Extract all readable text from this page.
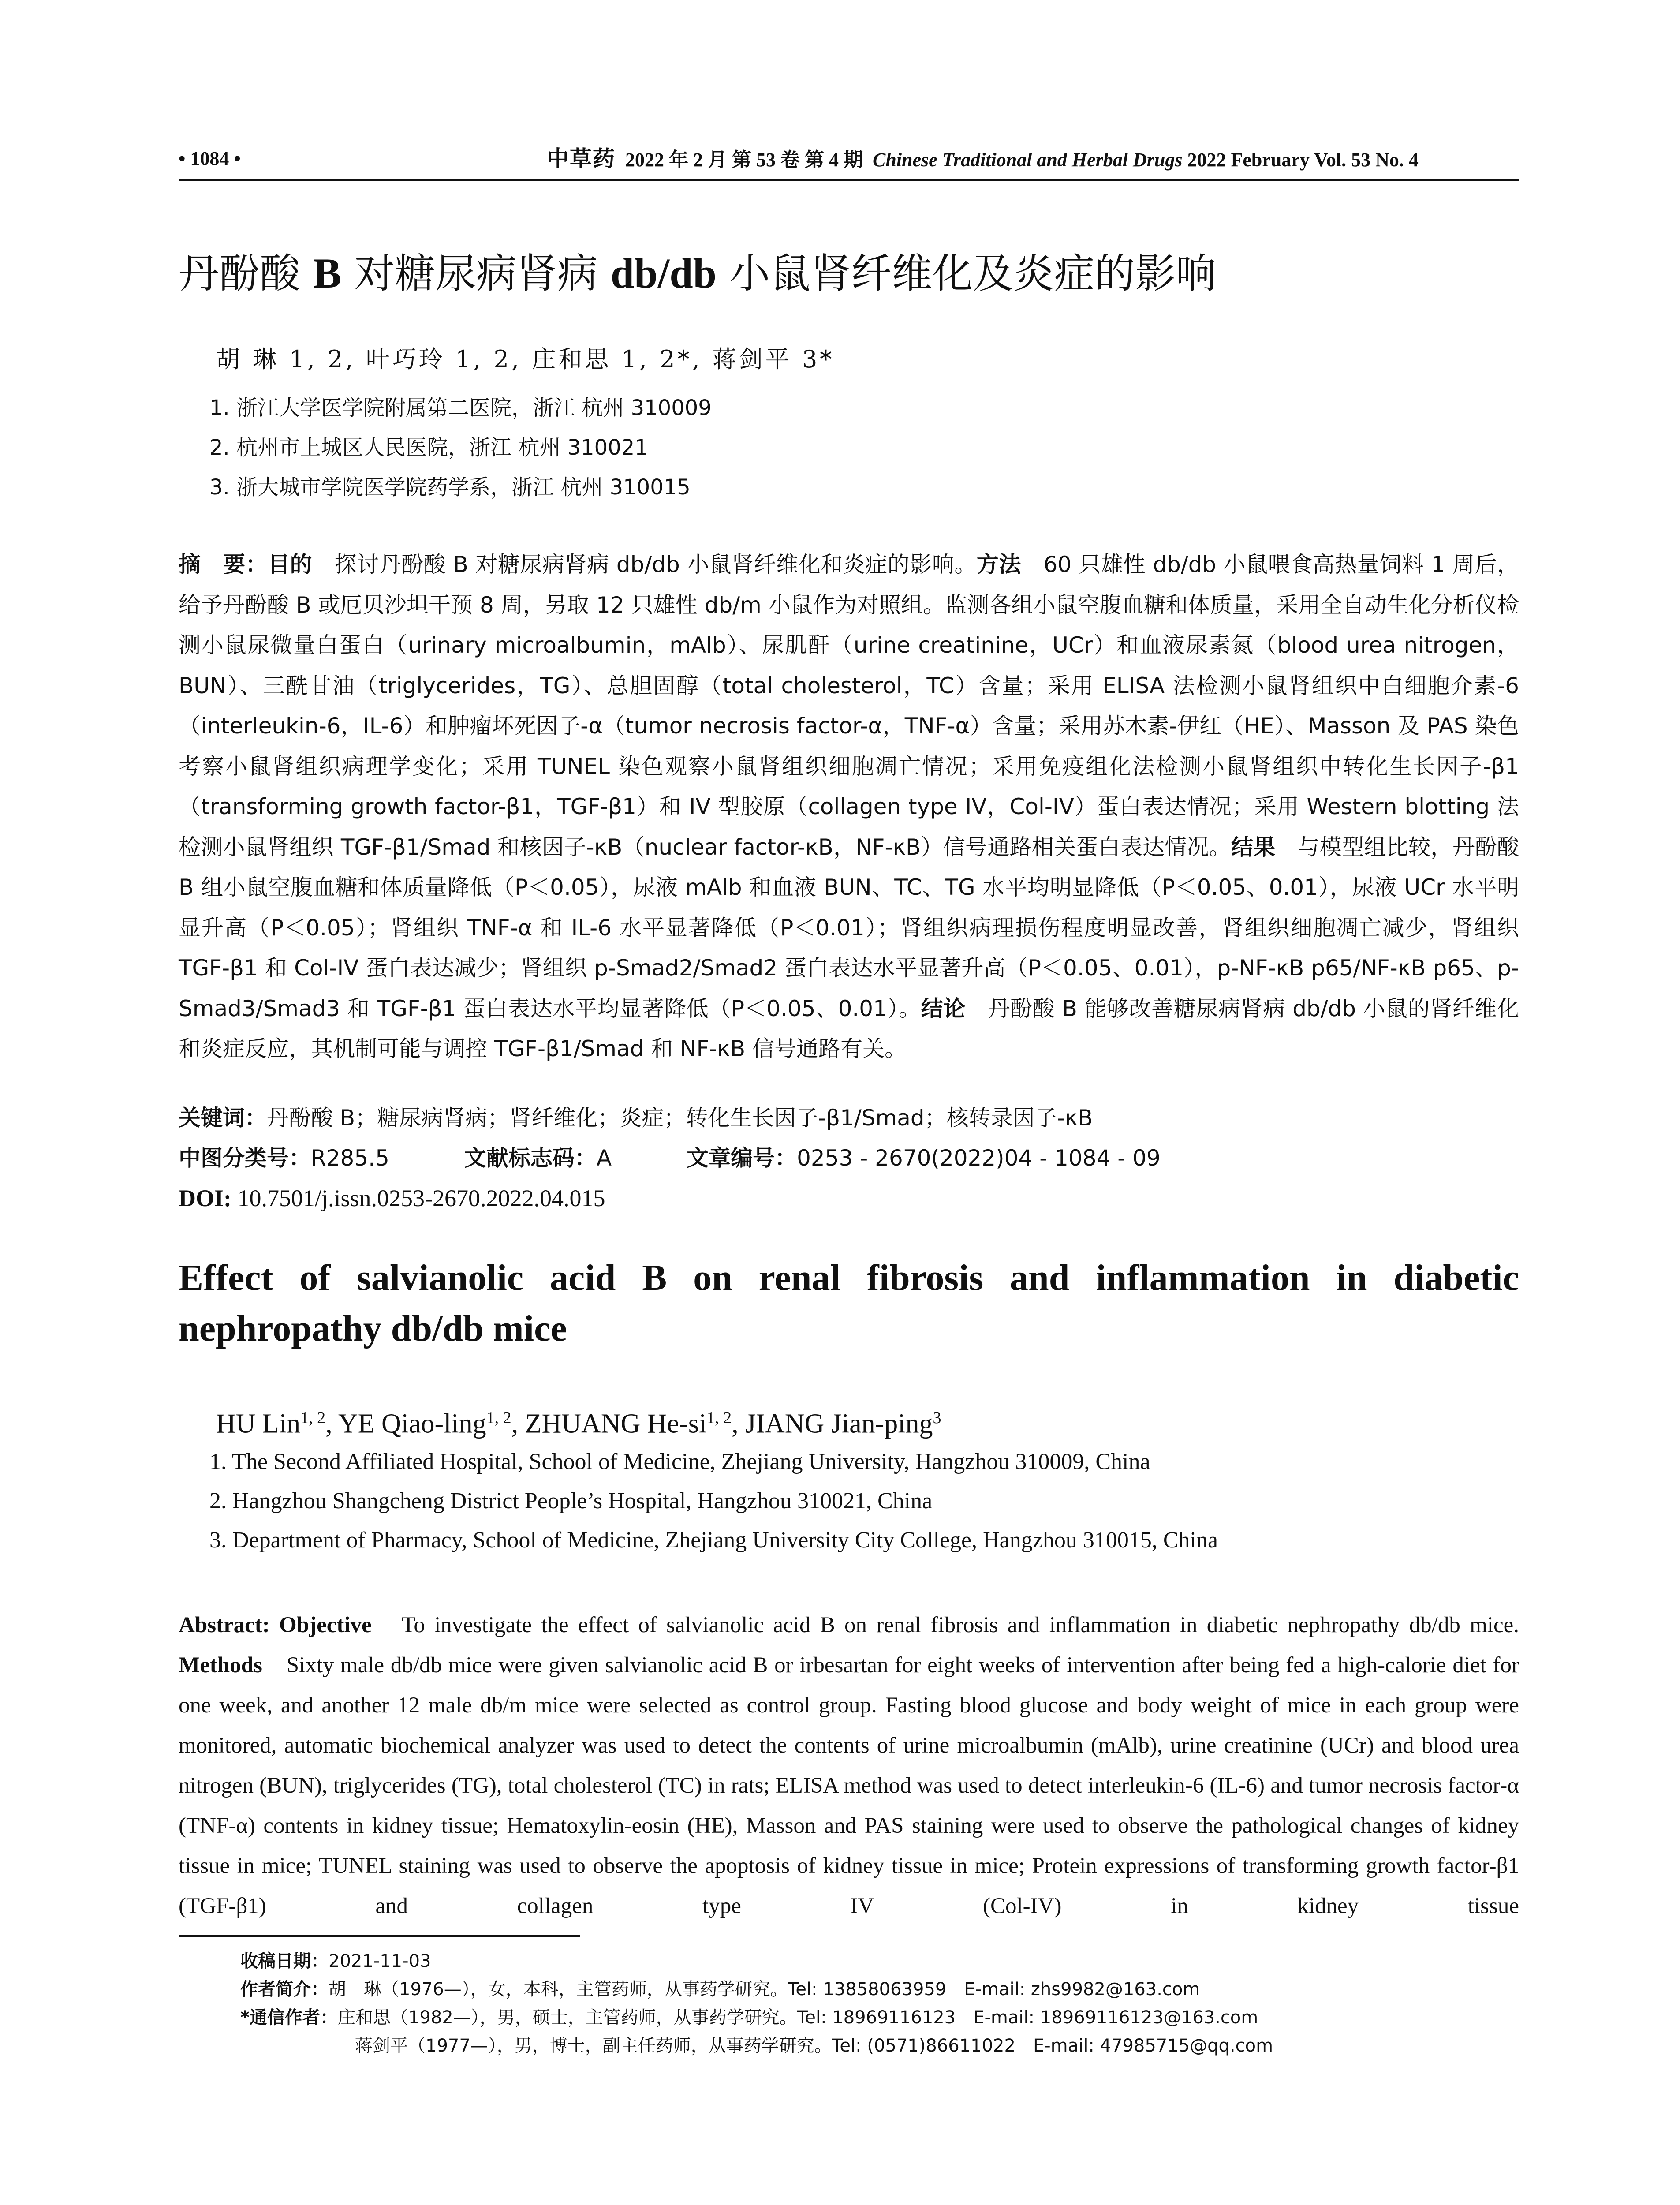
• 1084 •	中草药 2022 年 2 月 第 53 卷 第 4 期 Chinese Traditional and Herbal Drugs 2022 February Vol. 53 No. 4
丹酚酸 B 对糖尿病肾病 db/db 小鼠肾纤维化及炎症的影响
胡 琳 1, 2, 叶巧玲 1, 2, 庄和思 1, 2*, 蒋剑平 3*
1. 浙江大学医学院附属第二医院，浙江 杭州 310009
2. 杭州市上城区人民医院，浙江 杭州 310021
3. 浙大城市学院医学院药学系，浙江 杭州 310015
摘　要：目的　探讨丹酚酸 B 对糖尿病肾病 db/db 小鼠肾纤维化和炎症的影响。方法　60 只雄性 db/db 小鼠喂食高热量饲料 1 周后，给予丹酚酸 B 或厄贝沙坦干预 8 周，另取 12 只雄性 db/m 小鼠作为对照组。监测各组小鼠空腹血糖和体质量，采用全自动生化分析仪检测小鼠尿微量白蛋白（urinary microalbumin，mAlb）、尿肌酐（urine creatinine，UCr）和血液尿素氮（blood urea nitrogen，BUN）、三酰甘油（triglycerides，TG）、总胆固醇（total cholesterol，TC）含量；采用 ELISA 法检测小鼠肾组织中白细胞介素-6（interleukin-6，IL-6）和肿瘤坏死因子-α（tumor necrosis factor-α，TNF-α）含量；采用苏木素-伊红（HE）、Masson 及 PAS 染色考察小鼠肾组织病理学变化；采用 TUNEL 染色观察小鼠肾组织细胞凋亡情况；采用免疫组化法检测小鼠肾组织中转化生长因子-β1（transforming growth factor-β1，TGF-β1）和 IV 型胶原（collagen type IV，Col-IV）蛋白表达情况；采用 Western blotting 法检测小鼠肾组织 TGF-β1/Smad 和核因子-κB（nuclear factor-κB，NF-κB）信号通路相关蛋白表达情况。结果　与模型组比较，丹酚酸 B 组小鼠空腹血糖和体质量降低（P＜0.05），尿液 mAlb 和血液 BUN、TC、TG 水平均明显降低（P＜0.05、0.01），尿液 UCr 水平明显升高（P＜0.05）；肾组织 TNF-α 和 IL-6 水平显著降低（P＜0.01）；肾组织病理损伤程度明显改善，肾组织细胞凋亡减少，肾组织 TGF-β1 和 Col-IV 蛋白表达减少；肾组织 p-Smad2/Smad2 蛋白表达水平显著升高（P＜0.05、0.01），p-NF-κB p65/NF-κB p65、p-Smad3/Smad3 和 TGF-β1 蛋白表达水平均显著降低（P＜0.05、0.01）。结论　丹酚酸 B 能够改善糖尿病肾病 db/db 小鼠的肾纤维化和炎症反应，其机制可能与调控 TGF-β1/Smad 和 NF-κB 信号通路有关。
关键词：丹酚酸 B；糖尿病肾病；肾纤维化；炎症；转化生长因子-β1/Smad；核转录因子-κB
中图分类号：R285.5	文献标志码：A	文章编号：0253 - 2670(2022)04 - 1084 - 09
DOI: 10.7501/j.issn.0253-2670.2022.04.015
Effect of salvianolic acid B on renal fibrosis and inflammation in diabetic nephropathy db/db mice
HU Lin$^{1, 2}$, YE Qiao-ling$^{1, 2}$, ZHUANG He-si$^{1, 2}$, JIANG Jian-ping$^3$
1. The Second Affiliated Hospital, School of Medicine, Zhejiang University, Hangzhou 310009, China
2. Hangzhou Shangcheng District People’s Hospital, Hangzhou 310021, China
3. Department of Pharmacy, School of Medicine, Zhejiang University City College, Hangzhou 310015, China
Abstract: Objective　To investigate the effect of salvianolic acid B on renal fibrosis and inflammation in diabetic nephropathy db/db mice. Methods　Sixty male db/db mice were given salvianolic acid B or irbesartan for eight weeks of intervention after being fed a high-calorie diet for one week, and another 12 male db/m mice were selected as control group. Fasting blood glucose and body weight of mice in each group were monitored, automatic biochemical analyzer was used to detect the contents of urine microalbumin (mAlb), urine creatinine (UCr) and blood urea nitrogen (BUN), triglycerides (TG), total cholesterol (TC) in rats; ELISA method was used to detect interleukin-6 (IL-6) and tumor necrosis factor-α (TNF-α) contents in kidney tissue; Hematoxylin-eosin (HE), Masson and PAS staining were used to observe the pathological changes of kidney tissue in mice; TUNEL staining was used to observe the apoptosis of kidney tissue in mice; Protein expressions of transforming growth factor-β1 (TGF-β1) and collagen type IV (Col-IV) in kidney tissue
收稿日期：2021-11-03
作者简介：胡　琳（1976—），女，本科，主管药师，从事药学研究。Tel: 13858063959　E-mail: zhs9982@163.com
*通信作者：庄和思（1982—），男，硕士，主管药师，从事药学研究。Tel: 18969116123　E-mail: 18969116123@163.com
蒋剑平（1977—），男，博士，副主任药师，从事药学研究。Tel: (0571)86611022　E-mail: 47985715@qq.com
